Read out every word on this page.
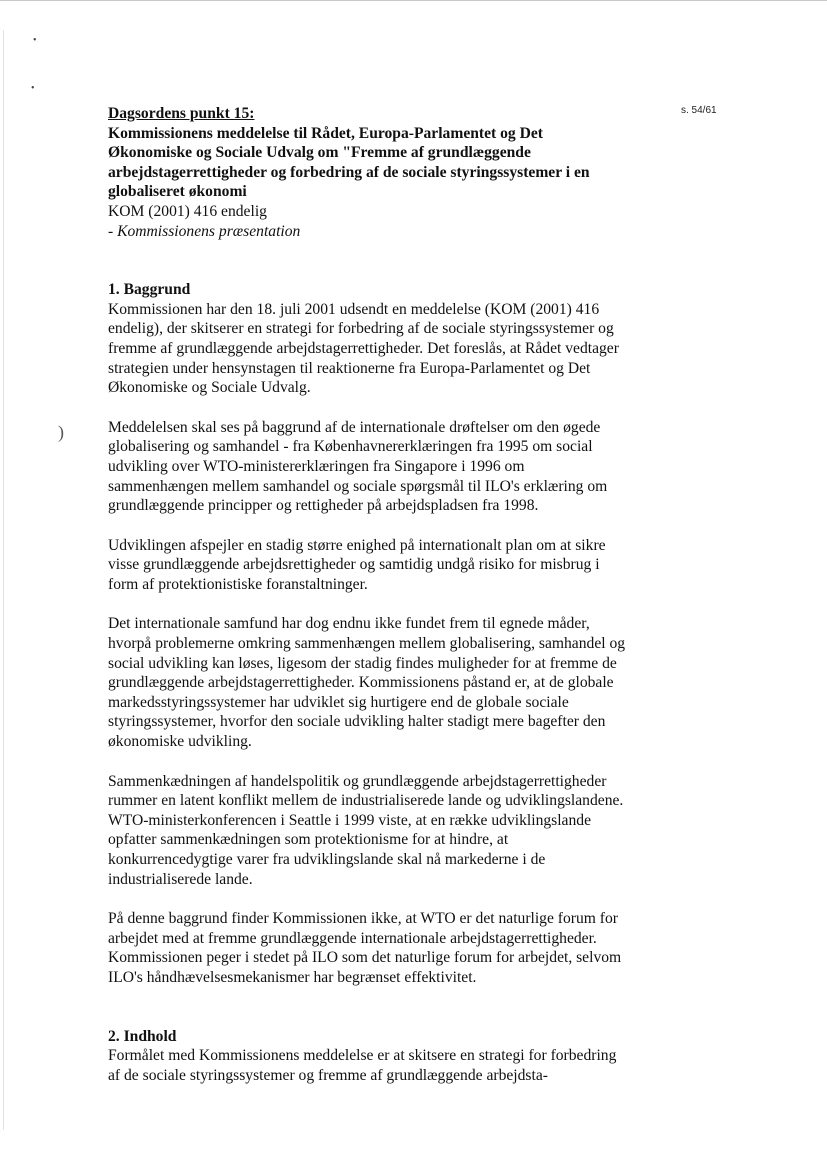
•
•
)
s. 54/61

Dagsordens punkt 15:

Kommissionens meddelelse til Rådet, Europa-Parlamentet og Det Økonomiske og Sociale Udvalg om "Fremme af grundlæggende arbejdstagerrettigheder og forbedring af de sociale styringssystemer i en globaliseret økonomi

KOM (2001) 416 endelig

- Kommissionens præsentation

1. Baggrund

Kommissionen har den 18. juli 2001 udsendt en meddelelse (KOM (2001) 416 endelig), der skitserer en strategi for forbedring af de sociale styringssystemer og fremme af grundlæggende arbejdstagerrettigheder. Det foreslås, at Rådet vedtager strategien under hensynstagen til reaktionerne fra Europa-Parlamentet og Det Økonomiske og Sociale Udvalg.

Meddelelsen skal ses på baggrund af de internationale drøftelser om den øgede globalisering og samhandel - fra Københavnererklæringen fra 1995 om social udvikling over WTO-ministererklæringen fra Singapore i 1996 om sammenhængen mellem samhandel og sociale spørgsmål til ILO's erklæring om grundlæggende principper og rettigheder på arbejdspladsen fra 1998.

Udviklingen afspejler en stadig større enighed på internationalt plan om at sikre visse grundlæggende arbejdsrettigheder og samtidig undgå risiko for misbrug i form af protektionistiske foranstaltninger.

Det internationale samfund har dog endnu ikke fundet frem til egnede måder, hvorpå problemerne omkring sammenhængen mellem globalisering, samhandel og social udvikling kan løses, ligesom der stadig findes muligheder for at fremme de grundlæggende arbejdstagerrettigheder. Kommissionens påstand er, at de globale markedsstyringssystemer har udviklet sig hurtigere end de globale sociale styringssystemer, hvorfor den sociale udvikling halter stadigt mere bagefter den økonomiske udvikling.

Sammenkædningen af handelspolitik og grundlæggende arbejdstagerrettigheder rummer en latent konflikt mellem de industrialiserede lande og udviklingslandene. WTO-ministerkonferencen i Seattle i 1999 viste, at en række udviklingslande opfatter sammenkædningen som protektionisme for at hindre, at konkurrencedygtige varer fra udviklingslande skal nå markederne i de industrialiserede lande.

På denne baggrund finder Kommissionen ikke, at WTO er det naturlige forum for arbejdet med at fremme grundlæggende internationale arbejdstagerrettigheder. Kommissionen peger i stedet på ILO som det naturlige forum for arbejdet, selvom ILO's håndhævelsesmekanismer har begrænset effektivitet.

2. Indhold

Formålet med Kommissionens meddelelse er at skitsere en strategi for forbedring af de sociale styringssystemer og fremme af grundlæggende arbejdsta-
